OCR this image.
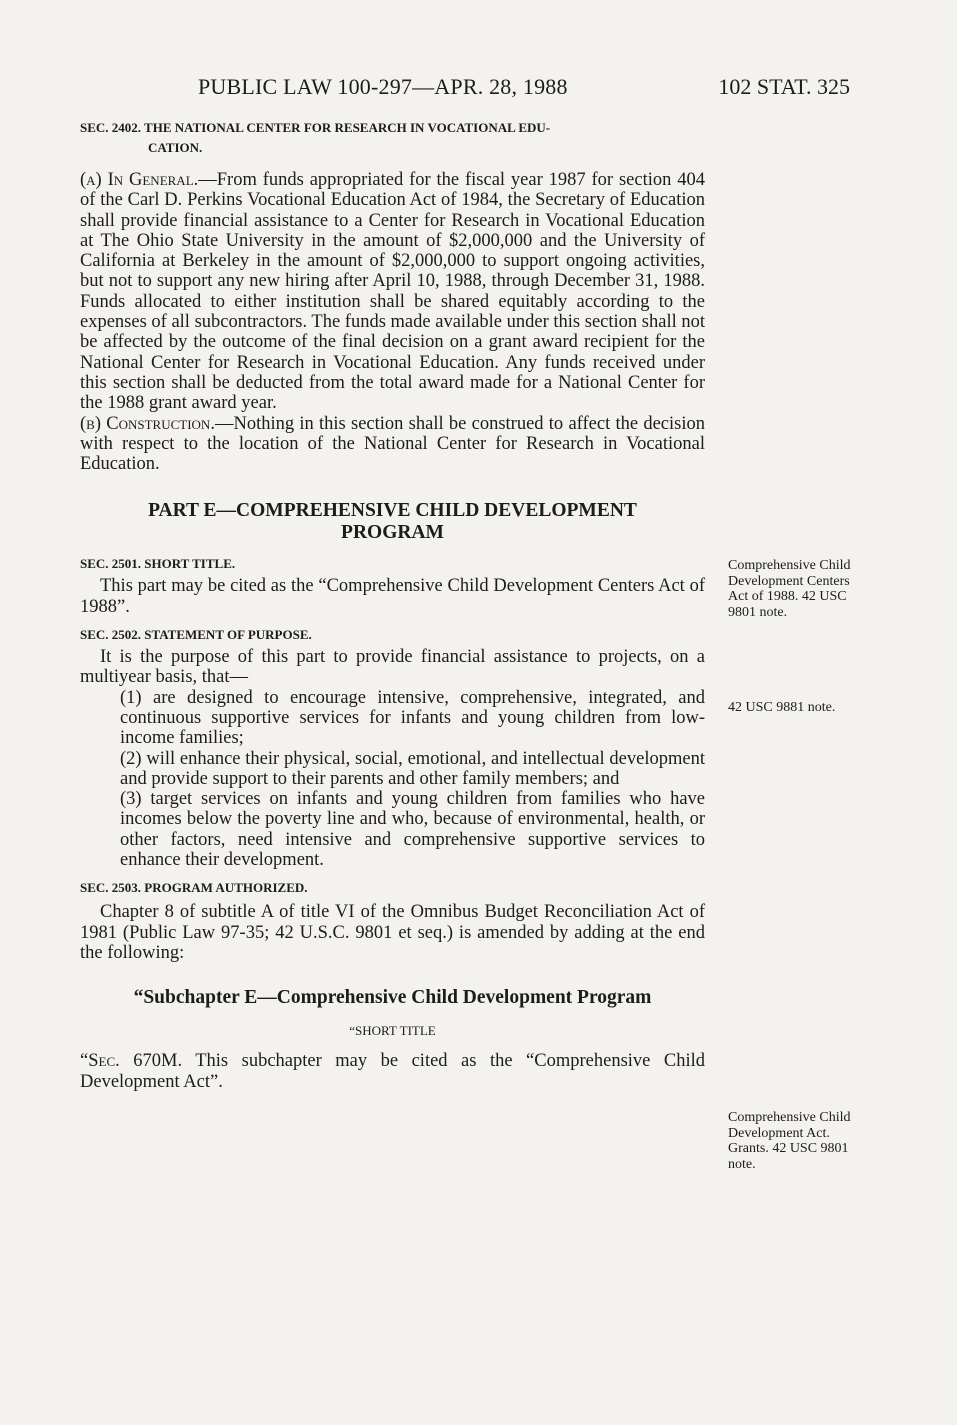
PUBLIC LAW 100-297—APR. 28, 1988	102 STAT. 325
SEC. 2402. THE NATIONAL CENTER FOR RESEARCH IN VOCATIONAL EDU-
CATION.

(a) In General.—From funds appropriated for the fiscal year 1987 for section 404 of the Carl D. Perkins Vocational Education Act of 1984, the Secretary of Education shall provide financial assistance to a Center for Research in Vocational Education at The Ohio State University in the amount of $2,000,000 and the University of California at Berkeley in the amount of $2,000,000 to support ongoing activities, but not to support any new hiring after April 10, 1988, through December 31, 1988. Funds allocated to either institution shall be shared equitably according to the expenses of all subcontractors. The funds made available under this section shall not be affected by the outcome of the final decision on a grant award recipient for the National Center for Research in Vocational Education. Any funds received under this section shall be deducted from the total award made for a National Center for the 1988 grant award year.

(b) Construction.—Nothing in this section shall be construed to affect the decision with respect to the location of the National Center for Research in Vocational Education.

PART E—COMPREHENSIVE CHILD DEVELOPMENT
PROGRAM
SEC. 2501. SHORT TITLE.

This part may be cited as the “Comprehensive Child Development Centers Act of 1988”.

SEC. 2502. STATEMENT OF PURPOSE.

It is the purpose of this part to provide financial assistance to projects, on a multiyear basis, that—

(1) are designed to encourage intensive, comprehensive, integrated, and continuous supportive services for infants and young children from low-income families;

(2) will enhance their physical, social, emotional, and intellectual development and provide support to their parents and other family members; and

(3) target services on infants and young children from families who have incomes below the poverty line and who, because of environmental, health, or other factors, need intensive and comprehensive supportive services to enhance their development.

SEC. 2503. PROGRAM AUTHORIZED.

Chapter 8 of subtitle A of title VI of the Omnibus Budget Reconciliation Act of 1981 (Public Law 97-35; 42 U.S.C. 9801 et seq.) is amended by adding at the end the following:

“Subchapter E—Comprehensive Child Development Program
“SHORT TITLE

“Sec. 670M. This subchapter may be cited as the “Comprehensive Child Development Act”.

Comprehensive Child Development Centers Act of 1988. 42 USC 9801 note.
42 USC 9881 note.
Comprehensive Child Development Act. Grants. 42 USC 9801 note.
